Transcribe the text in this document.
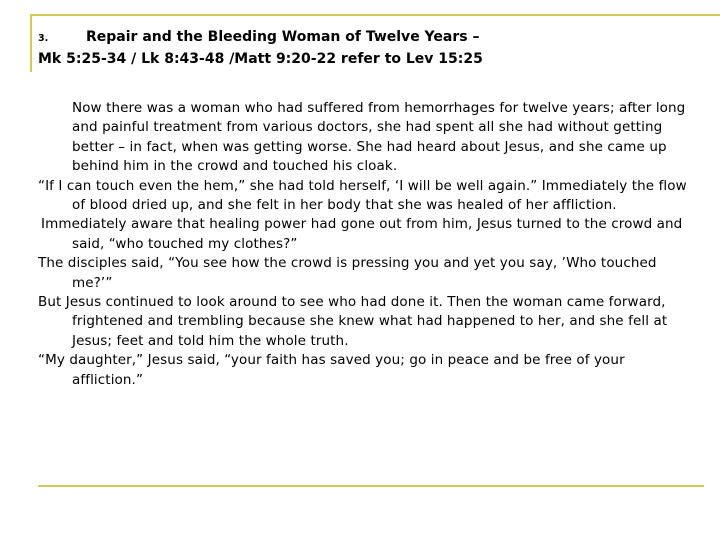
3.	Repair and the Bleeding Woman of Twelve Years –
Mk 5:25-34 / Lk 8:43-48 /Matt 9:20-22 refer to Lev 15:25

Now there was a woman who had suffered from hemorrhages for twelve years; after long and painful treatment from various doctors, she had spent all she had without getting better – in fact, when was getting worse. She had heard about Jesus, and she came up behind him in the crowd and touched his cloak.

“If I can touch even the hem,” she had told herself, ‘I will be well again.” Immediately the flow of blood dried up, and she felt in her body that she was healed of her affliction.

Immediately aware that healing power had gone out from him, Jesus turned to the crowd and said, “who touched my clothes?”

The disciples said, “You see how the crowd is pressing you and yet you say, ’Who touched me?’”

But Jesus continued to look around to see who had done it. Then the woman came forward, frightened and trembling because she knew what had happened to her, and she fell at Jesus; feet and told him the whole truth.

“My daughter,” Jesus said, “your faith has saved you; go in peace and be free of your affliction.”
